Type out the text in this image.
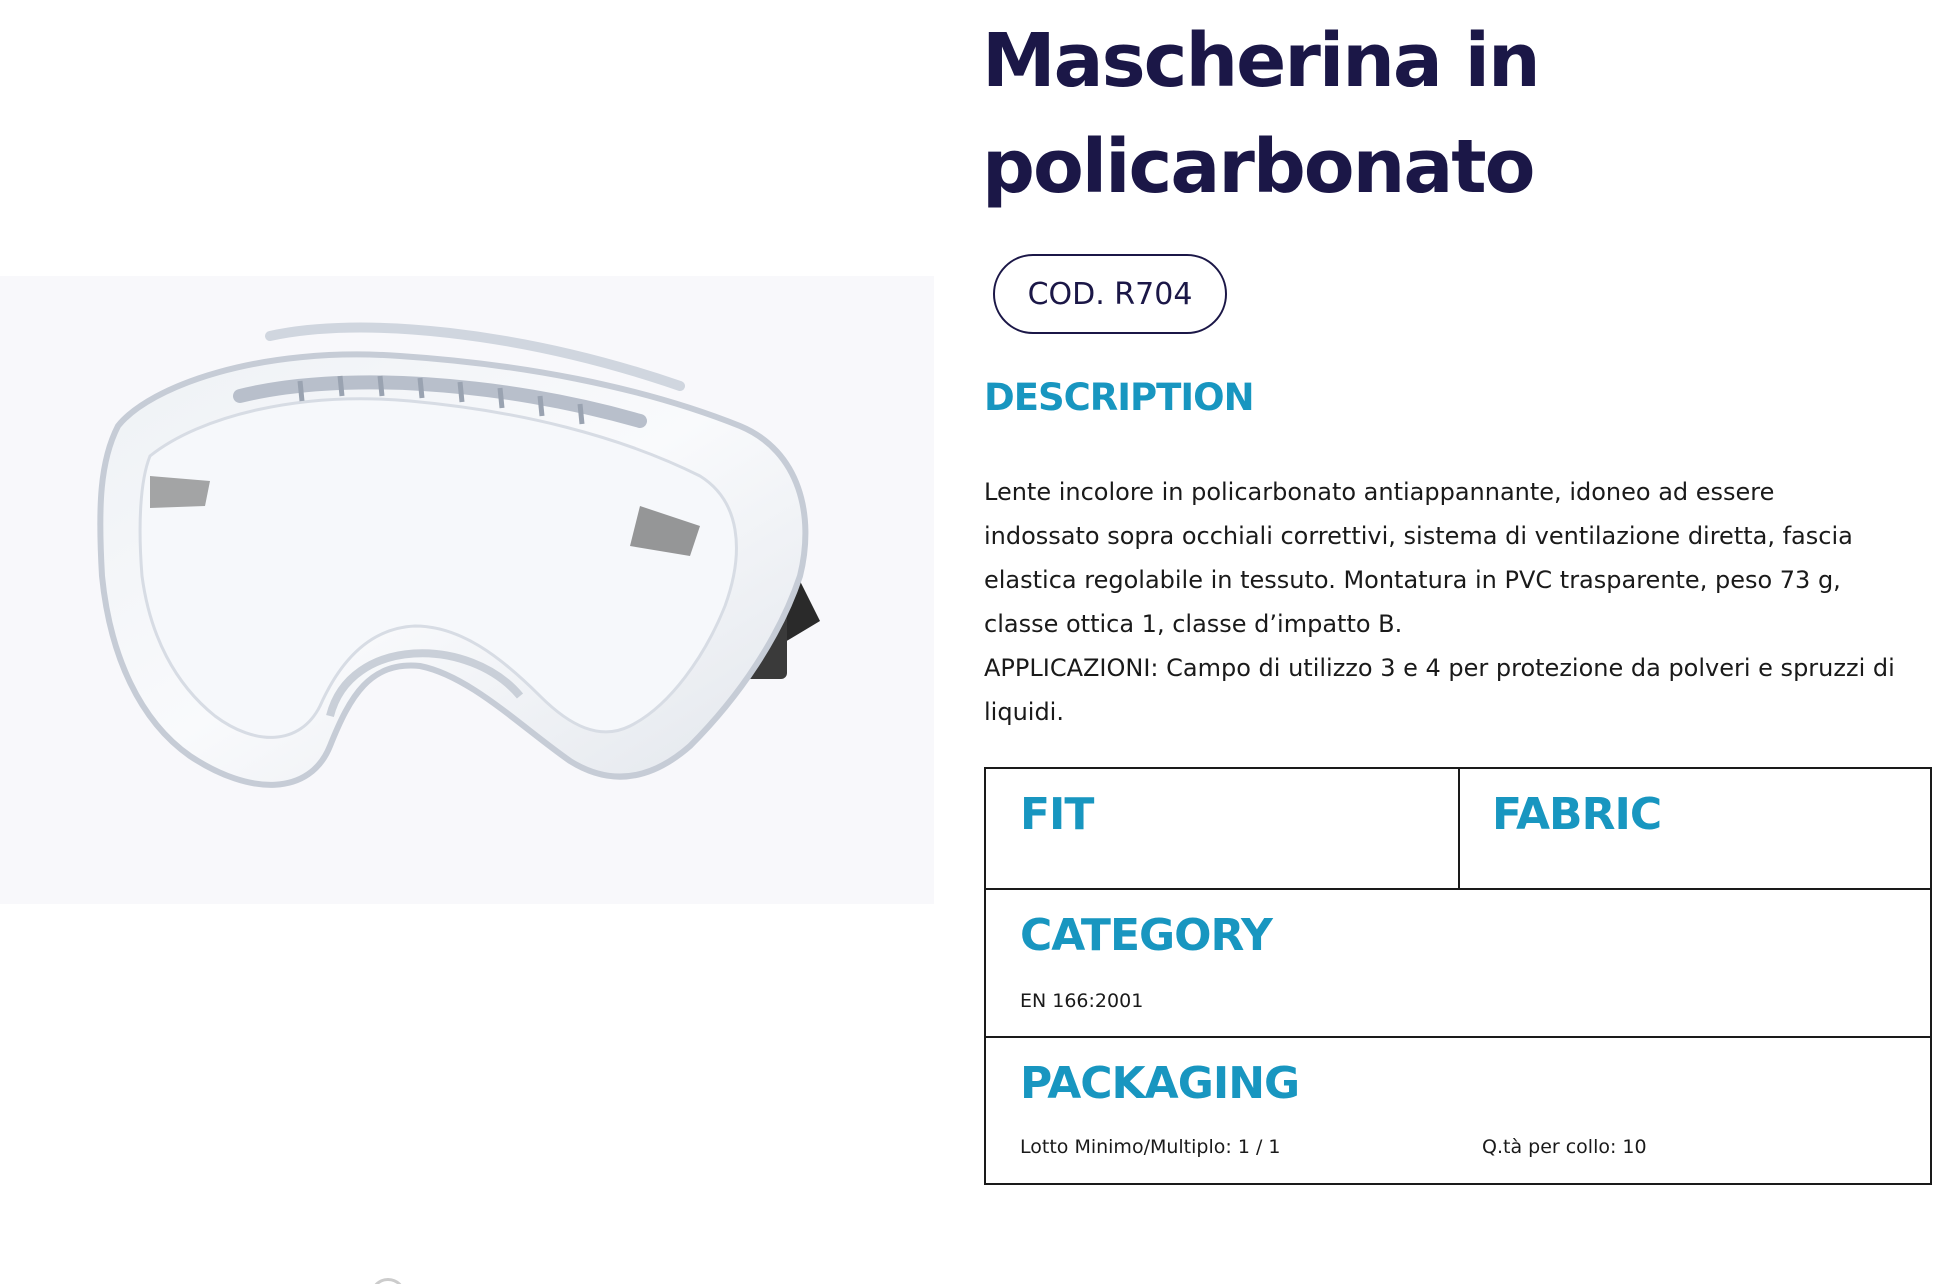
Mascherina in
policarbonato
COD. R704
DESCRIPTION

Lente incolore in policarbonato antiappannante, idoneo ad essere
indossato sopra occhiali correttivi, sistema di ventilazione diretta, fascia
elastica regolabile in tessuto. Montatura in PVC trasparente, peso 73 g,
classe ottica 1, classe d’impatto B.
APPLICAZIONI: Campo di utilizzo 3 e 4 per protezione da polveri e spruzzi di
liquidi.

FIT	FABRIC
CATEGORY
EN 166:2001
PACKAGING
Lotto Minimo/Multiplo: 1 / 1	Q.tà per collo: 10
